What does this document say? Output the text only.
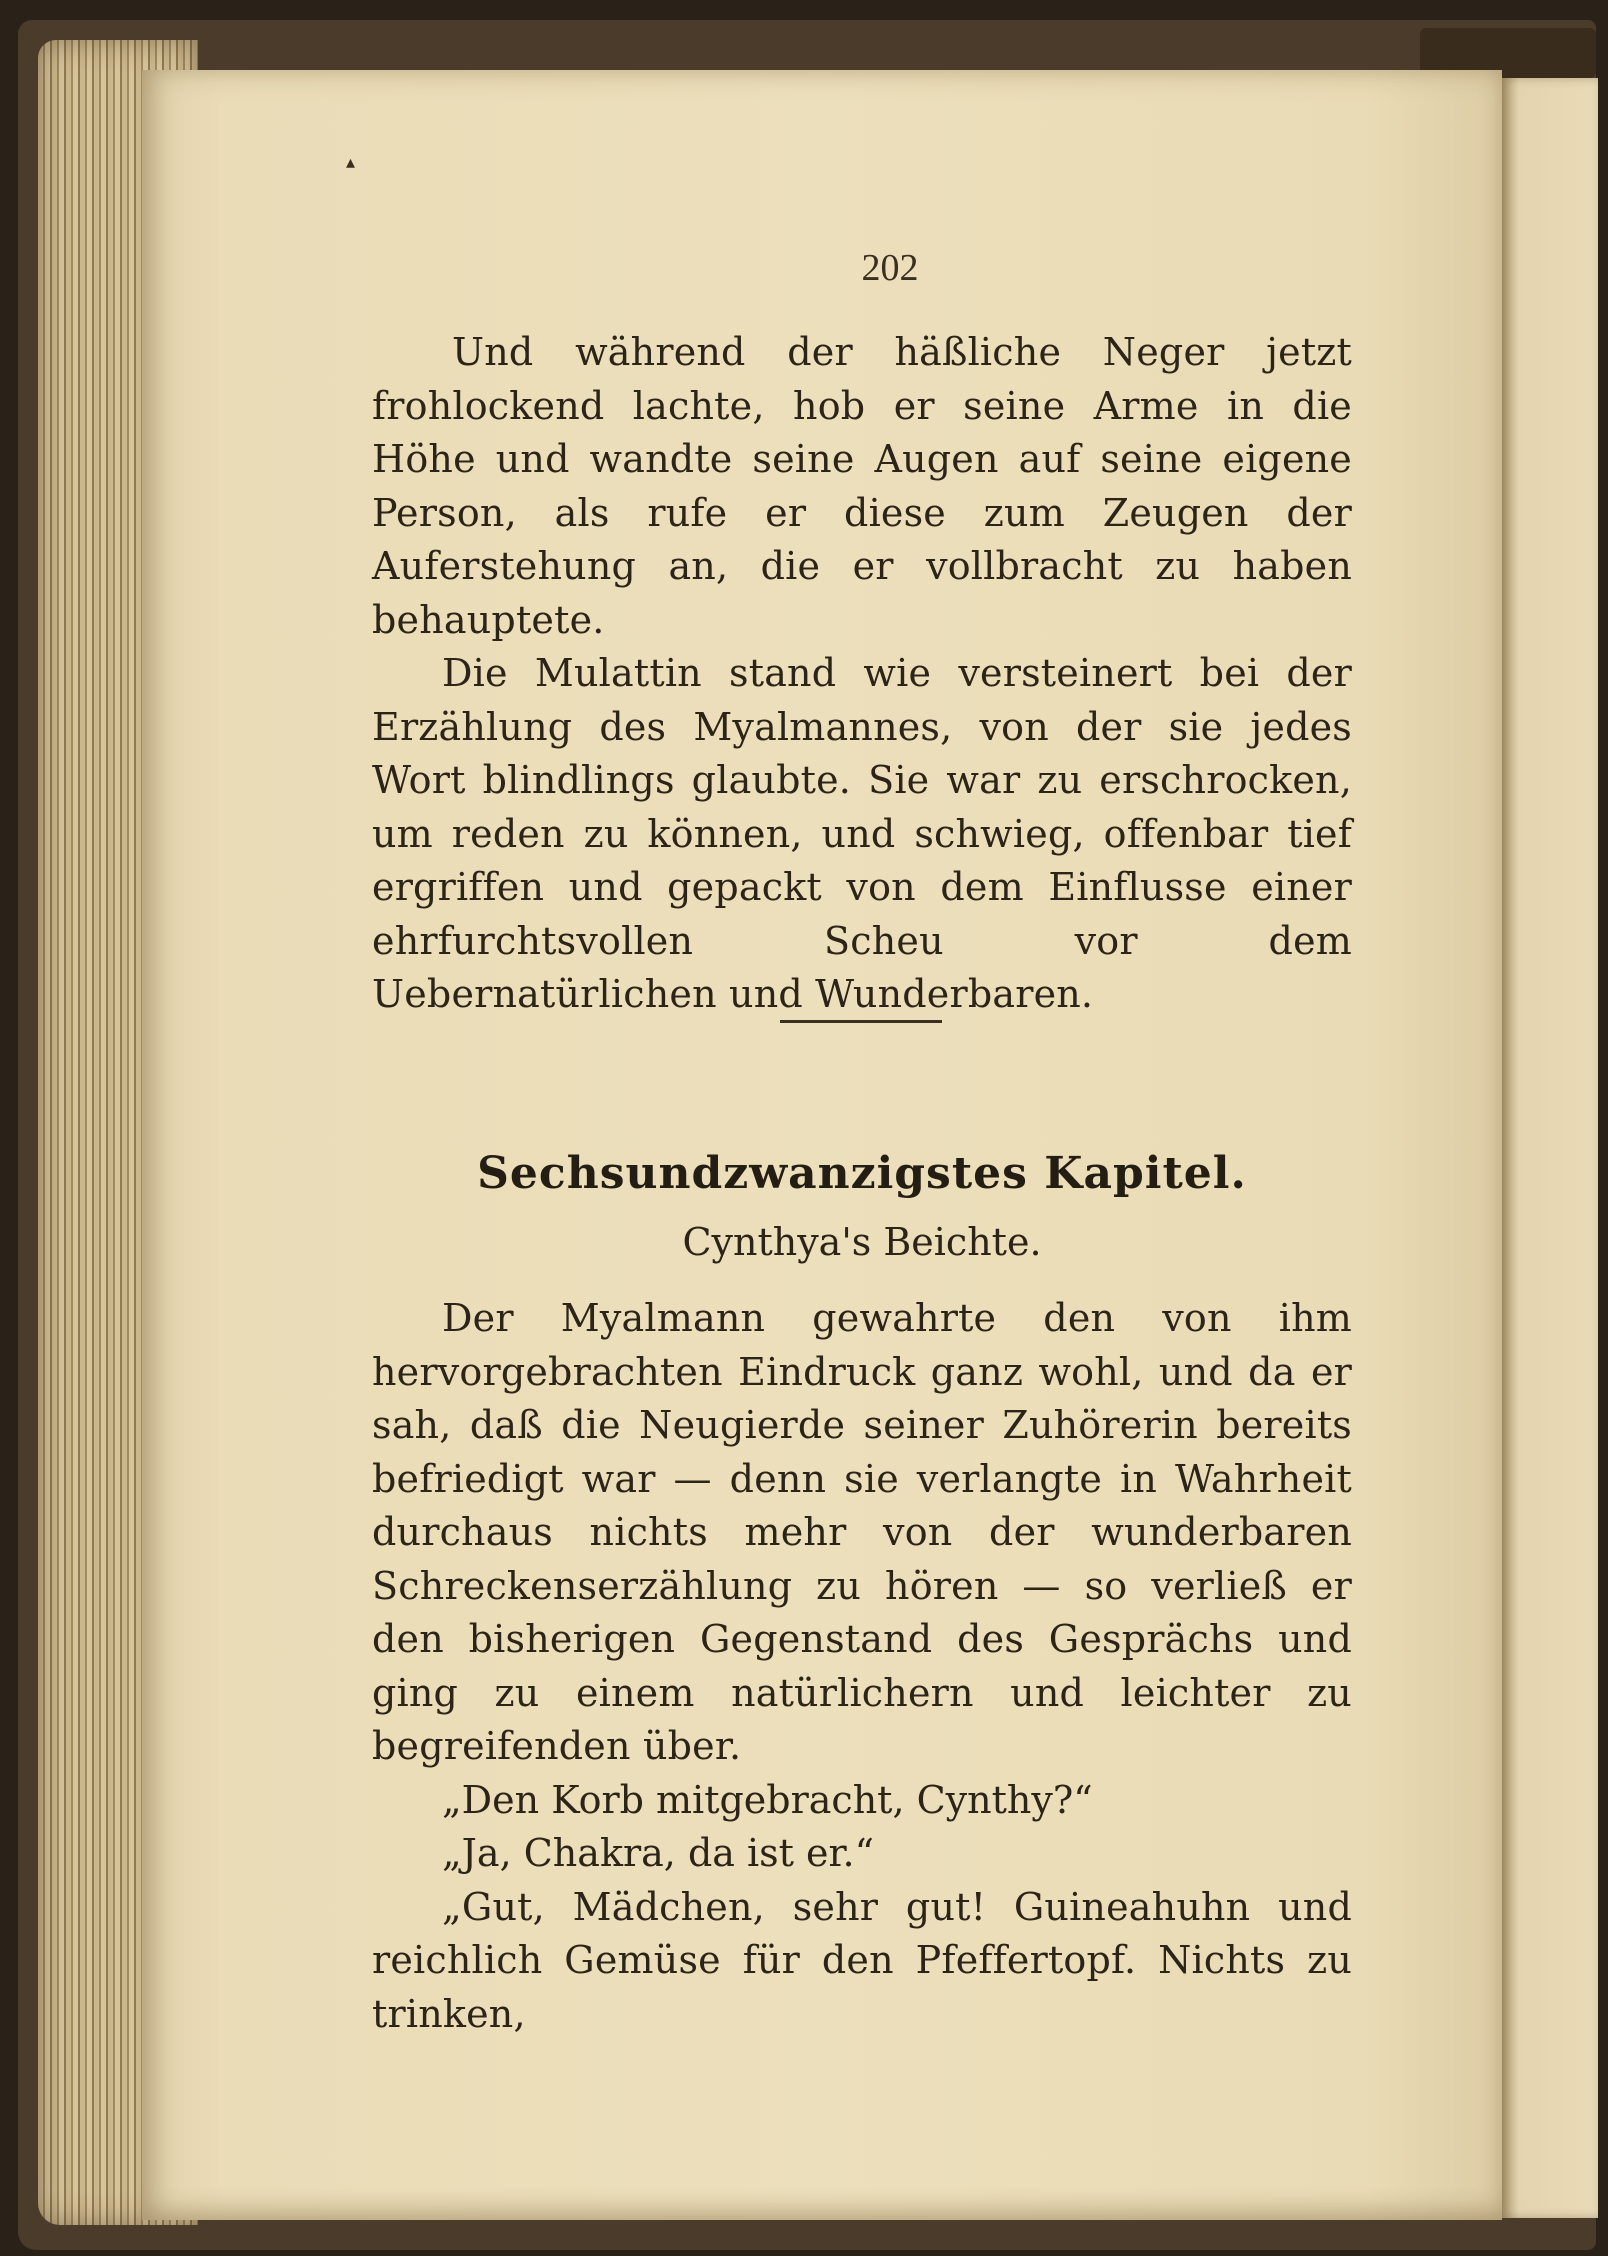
▴
202

Und während der häßliche Neger jetzt frohlockend lachte, hob er seine Arme in die Höhe und wandte seine Augen auf seine eigene Person, als rufe er diese zum Zeugen der Auferstehung an, die er vollbracht zu haben behauptete.

Die Mulattin stand wie versteinert bei der Erzählung des Myalmannes, von der sie jedes Wort blindlings glaubte. Sie war zu erschrocken, um reden zu können, und schwieg, offenbar tief ergriffen und gepackt von dem Einflusse einer ehrfurchtsvollen Scheu vor dem Uebernatürlichen und Wunderbaren.

Sechsundzwanzigstes Kapitel.
Cynthya's Beichte.

Der Myalmann gewahrte den von ihm hervorgebrachten Eindruck ganz wohl, und da er sah, daß die Neugierde seiner Zuhörerin bereits befriedigt war — denn sie verlangte in Wahrheit durchaus nichts mehr von der wunderbaren Schreckenserzählung zu hören — so verließ er den bisherigen Gegenstand des Gesprächs und ging zu einem natürlichern und leichter zu begreifenden über.

„Den Korb mitgebracht, Cynthy?“

„Ja, Chakra, da ist er.“

„Gut, Mädchen, sehr gut! Guineahuhn und reichlich Gemüse für den Pfeffertopf. Nichts zu trinken,
